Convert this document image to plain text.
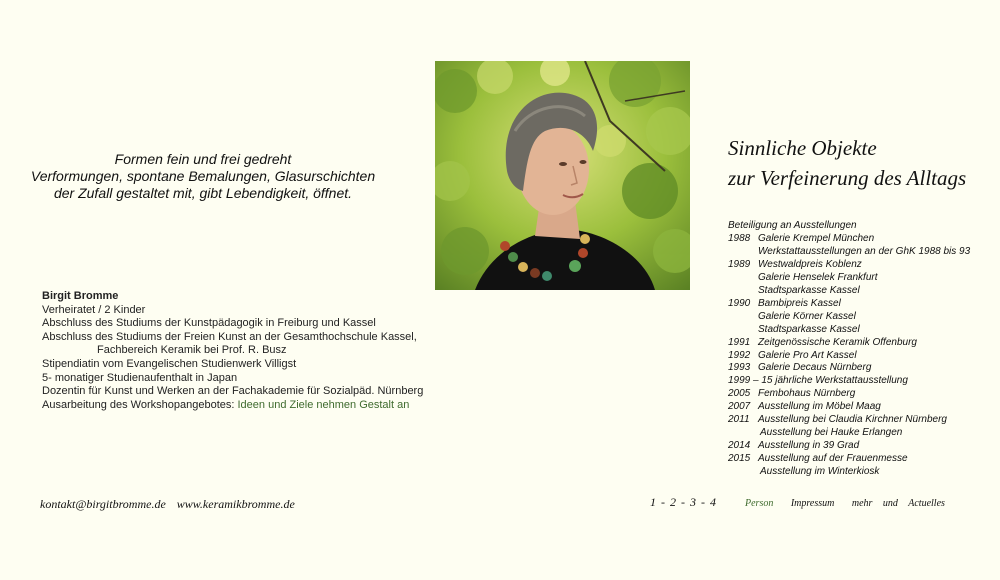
Formen fein und frei gedreht
Verformungen, spontane Bemalungen, Glasurschichten
der Zufall gestaltet mit, gibt Lebendigkeit, öffnet.
Sinnliche Objekte
zur Verfeinerung des Alltags
Birgit Bromme
Verheiratet / 2 Kinder
Abschluss des Studiums der Kunstpädagogik in Freiburg und Kassel
Abschluss des Studiums der Freien Kunst an der Gesamthochschule Kassel,
Fachbereich Keramik bei Prof. R. Busz
Stipendiatin vom Evangelischen Studienwerk Villigst
5- monatiger Studienaufenthalt in Japan
Dozentin für Kunst und Werken an der Fachakademie für Sozialpäd. Nürnberg
Ausarbeitung des Workshopangebotes: Ideen und Ziele nehmen Gestalt an
Beteiligung an Ausstellungen
1988 Galerie Krempel München
Werkstattausstellungen an der GhK 1988 bis 93
1989 Westwaldpreis Koblenz
Galerie Henselek Frankfurt
Stadtsparkasse Kassel
1990 Bambipreis Kassel
Galerie Körner Kassel
Stadtsparkasse Kassel
1991 Zeitgenössische Keramik Offenburg
1992 Galerie Pro Art Kassel
1993 Galerie Decaus Nürnberg
1999 – 15 jährliche Werkstattausstellung
2005 Fembohaus Nürnberg
2007 Ausstellung im Möbel Maag
2011 Ausstellung bei Claudia Kirchner Nürnberg
Ausstellung bei Hauke Erlangen
2014 Ausstellung in 39 Grad
2015 Ausstellung auf der Frauenmesse
Ausstellung im Winterkiosk
kontakt@birgitbromme.de www.keramikbromme.de	1 - 2 - 3 - 4	Person Impressum mehr und Actuelles
